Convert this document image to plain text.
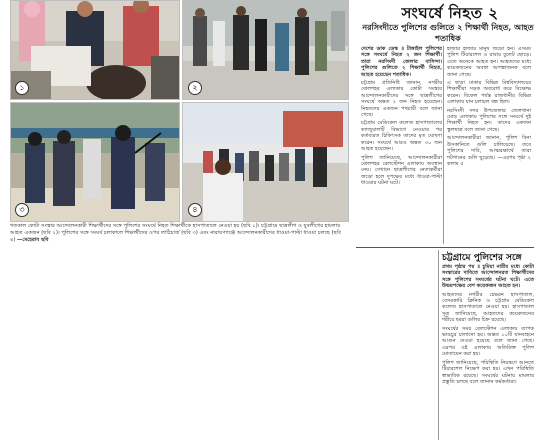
১	২
৩	৪
গতকাল কোটা সংস্কার আন্দোলনকারী শিক্ষার্থীদের সঙ্গে পুলিশের সংঘর্ষে নিহত শিক্ষার্থীকে হাসপাতালে নেওয়া হয় (ছবি ১)। চট্টগ্রামে ছাত্রলীগ ও যুবলীগের হামলায় আহত একজন (ছবি ২)। পুলিশের সঙ্গে সংঘর্ষ চলাকালে শিক্ষার্থীদের ওপর লাঠিচার্জ (ছবি ৩) এবং নারায়ণগঞ্জে আন্দোলনকারীদের ধাওয়া-পাল্টা ধাওয়া চলছে (ছবি ৪) —মেহেরাব ছবি
সংঘর্ষে নিহত ২
নরসিংদীতে পুলিশের গুলিতে ২ শিক্ষার্থী নিহত, আহত শতাধিক

দেশের ডাক ডেস্ক ॥ টাঙ্গাইল পুলিশের সঙ্গে সংঘর্ষে নিহত ২ জন শিক্ষার্থী। তারা নরসিংদী জেলার বাসিন্দা। পুলিশের গুলিতে ২ শিক্ষার্থী নিহত, আহত হয়েছেন শতাধিক।

চট্টগ্রাম প্রতিনিধি জানান, নগরীর ষোলশহর এলাকায় কোটা সংস্কার আন্দোলনকারীদের সঙ্গে ছাত্রলীগের সংঘর্ষে অন্তত ২ জন নিহত হয়েছেন। নিহতদের একজন পথচারী বলে জানা গেছে।

চট্টগ্রাম মেডিকেল কলেজ হাসপাতালের ক্যাজুয়ালটি বিভাগে নেওয়ার পর কর্তব্যরত চিকিৎসক তাদের মৃত ঘোষণা করেন। সংঘর্ষে আরও অন্তত ৩০ জন আহত হয়েছেন।

পুলিশ জানিয়েছে, আন্দোলনকারীরা ষোলশহর রেলস্টেশন এলাকায় অবস্থান নেয়। সেখানে ছাত্রলীগের নেতাকর্মীরা জড়ো হলে দুপক্ষের মধ্যে ধাওয়া-পাল্টা ধাওয়ার ঘটনা ঘটে।

হাজার হাজার মানুষ জড়ো হন। এসময় পুলিশ টিয়ারশেল ও রাবার বুলেট ছোড়ে। এতে অনেকে আহত হন। আহতদের মধ্যে কয়েকজনের অবস্থা আশঙ্কাজনক বলে জানা গেছে।

এ ছাড়া ঢাকার বিভিন্ন বিশ্ববিদ্যালয়ের শিক্ষার্থীরা সড়ক অবরোধ করে বিক্ষোভ করেন। বিকেল পর্যন্ত রাজধানীর বিভিন্ন এলাকায় যান চলাচল বন্ধ ছিল।

নরসিংদী সদর উপজেলার জেলখানা মোড় এলাকায় পুলিশের সঙ্গে সংঘর্ষে দুই শিক্ষার্থী নিহত হন। তাদের একজন স্কুলছাত্র বলে জানা গেছে।

আন্দোলনকারীরা জানান, পুলিশ বিনা উসকানিতে গুলি চালিয়েছে। তবে পুলিশের দাবি, আত্মরক্ষার্থে তারা শটগানের গুলি ছুড়েছে। —এরপর পৃষ্ঠা ২ কলাম ৫

চট্টগ্রামে পুলিশের সঙ্গে

প্রথম পৃষ্ঠার পর ॥ চুমিয়া নারীর মধ্যে কোটা সংস্কারের দাবিতে আন্দোলনরত শিক্ষার্থীদের সঙ্গে পুলিশের সংঘর্ষের ঘটনা ঘটে। এতে উভয়পক্ষের বেশ কয়েকজন আহত হন।

আহতদের নগরীর চেভরন হাসপাতাল, বেসরকারি ক্লিনিক ও চট্টগ্রাম মেডিকেল কলেজ হাসপাতালে নেওয়া হয়। হাসপাতাল সূত্র জানিয়েছে, আহতদের কয়েকজনের শরীরে ছররা গুলির চিহ্ন রয়েছে।

সংঘর্ষের সময় রেলস্টেশন এলাকায় ব্যাপক ভাঙচুর চালানো হয়। অন্তত ১০টি যানবাহনে আগুন দেওয়া হয়েছে বলে জানা গেছে। এরপর ওই এলাকায় অতিরিক্ত পুলিশ মোতায়েন করা হয়।

পুলিশ জানিয়েছে, পরিস্থিতি নিয়ন্ত্রণে আনতে টিয়ারশেল নিক্ষেপ করা হয়। এখন পরিস্থিতি স্বাভাবিক রয়েছে। সংঘর্ষের ঘটনায় মামলার প্রস্তুতি চলছে বলে জানান কর্মকর্তারা।
